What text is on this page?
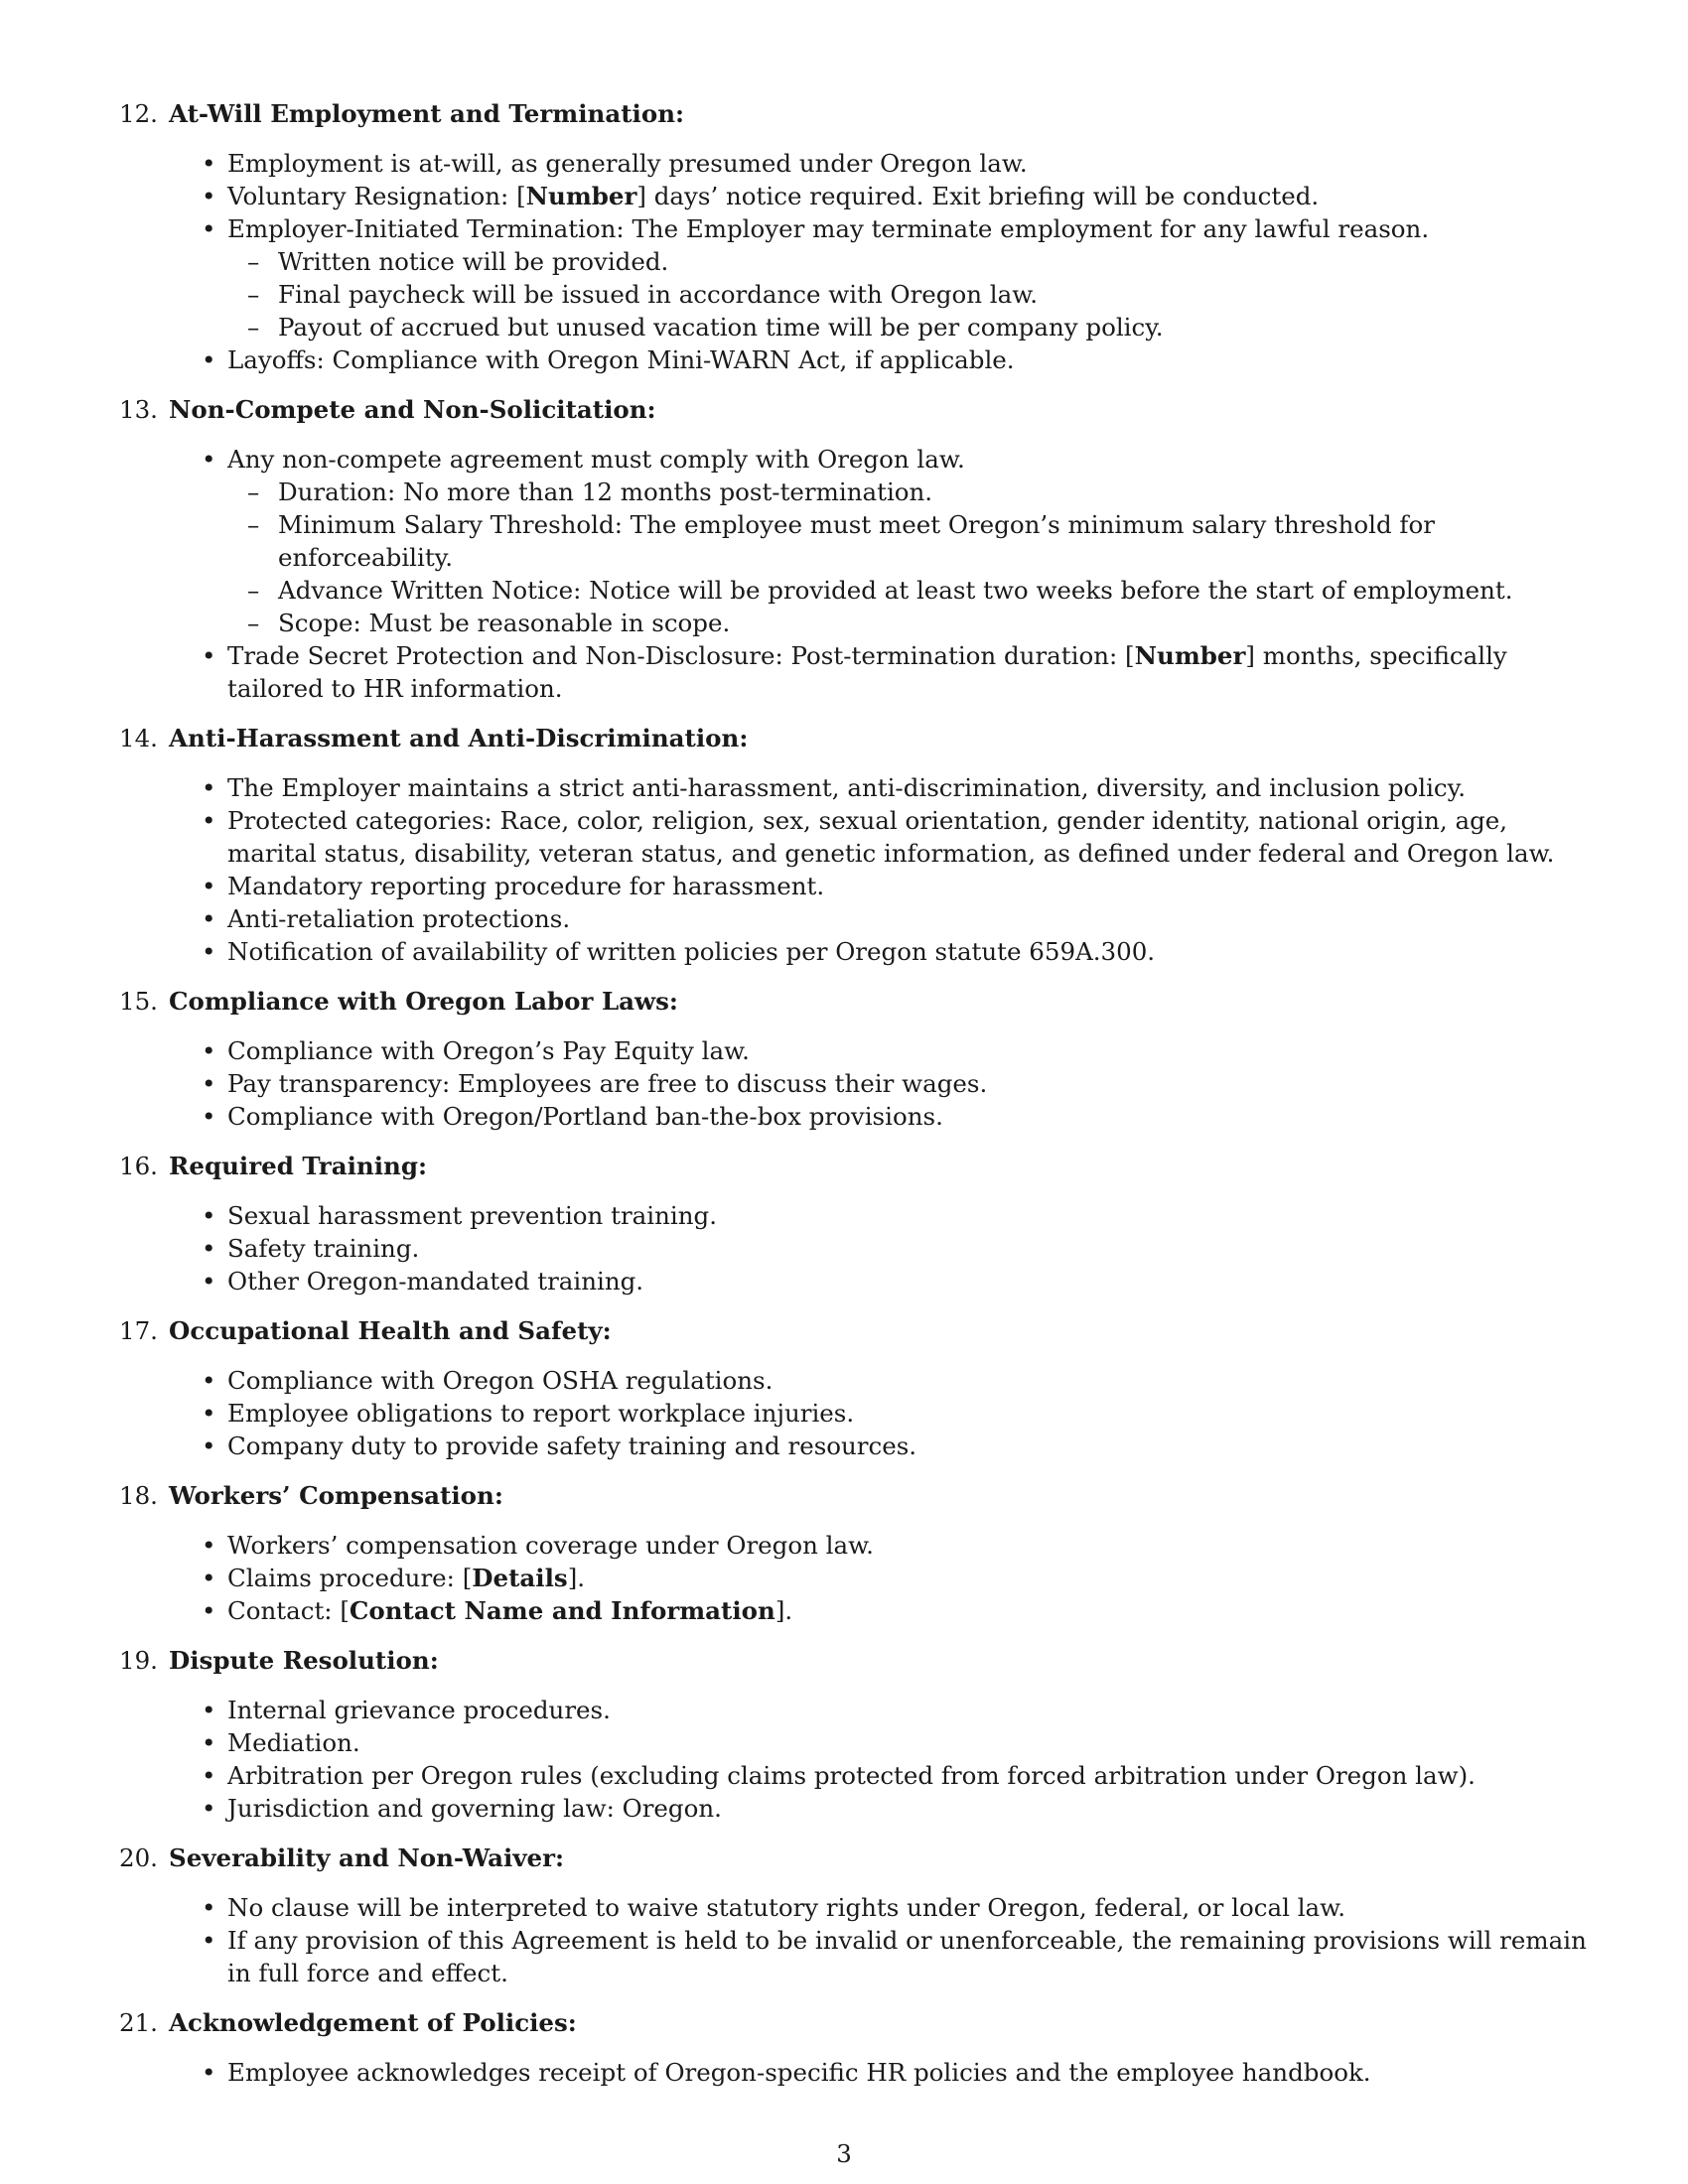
12. At-Will Employment and Termination:
• Employment is at-will, as generally presumed under Oregon law.
• Voluntary Resignation: [Number] days’ notice required. Exit briefing will be conducted.
• Employer-Initiated Termination: The Employer may terminate employment for any lawful reason.
– Written notice will be provided.
– Final paycheck will be issued in accordance with Oregon law.
– Payout of accrued but unused vacation time will be per company policy.
• Layoffs: Compliance with Oregon Mini-WARN Act, if applicable.
13. Non-Compete and Non-Solicitation:
• Any non-compete agreement must comply with Oregon law.
– Duration: No more than 12 months post-termination.
– Minimum Salary Threshold: The employee must meet Oregon’s minimum salary threshold for enforceability.
– Advance Written Notice: Notice will be provided at least two weeks before the start of employment.
– Scope: Must be reasonable in scope.
• Trade Secret Protection and Non-Disclosure: Post-termination duration: [Number] months, specifically tailored to HR information.
14. Anti-Harassment and Anti-Discrimination:
• The Employer maintains a strict anti-harassment, anti-discrimination, diversity, and inclusion policy.
• Protected categories: Race, color, religion, sex, sexual orientation, gender identity, national origin, age, marital status, disability, veteran status, and genetic information, as defined under federal and Oregon law.
• Mandatory reporting procedure for harassment.
• Anti-retaliation protections.
• Notification of availability of written policies per Oregon statute 659A.300.
15. Compliance with Oregon Labor Laws:
• Compliance with Oregon’s Pay Equity law.
• Pay transparency: Employees are free to discuss their wages.
• Compliance with Oregon/Portland ban-the-box provisions.
16. Required Training:
• Sexual harassment prevention training.
• Safety training.
• Other Oregon-mandated training.
17. Occupational Health and Safety:
• Compliance with Oregon OSHA regulations.
• Employee obligations to report workplace injuries.
• Company duty to provide safety training and resources.
18. Workers’ Compensation:
• Workers’ compensation coverage under Oregon law.
• Claims procedure: [Details].
• Contact: [Contact Name and Information].
19. Dispute Resolution:
• Internal grievance procedures.
• Mediation.
• Arbitration per Oregon rules (excluding claims protected from forced arbitration under Oregon law).
• Jurisdiction and governing law: Oregon.
20. Severability and Non-Waiver:
• No clause will be interpreted to waive statutory rights under Oregon, federal, or local law.
• If any provision of this Agreement is held to be invalid or unenforceable, the remaining provisions will remain in full force and effect.
21. Acknowledgement of Policies:
• Employee acknowledges receipt of Oregon-specific HR policies and the employee handbook.
3
